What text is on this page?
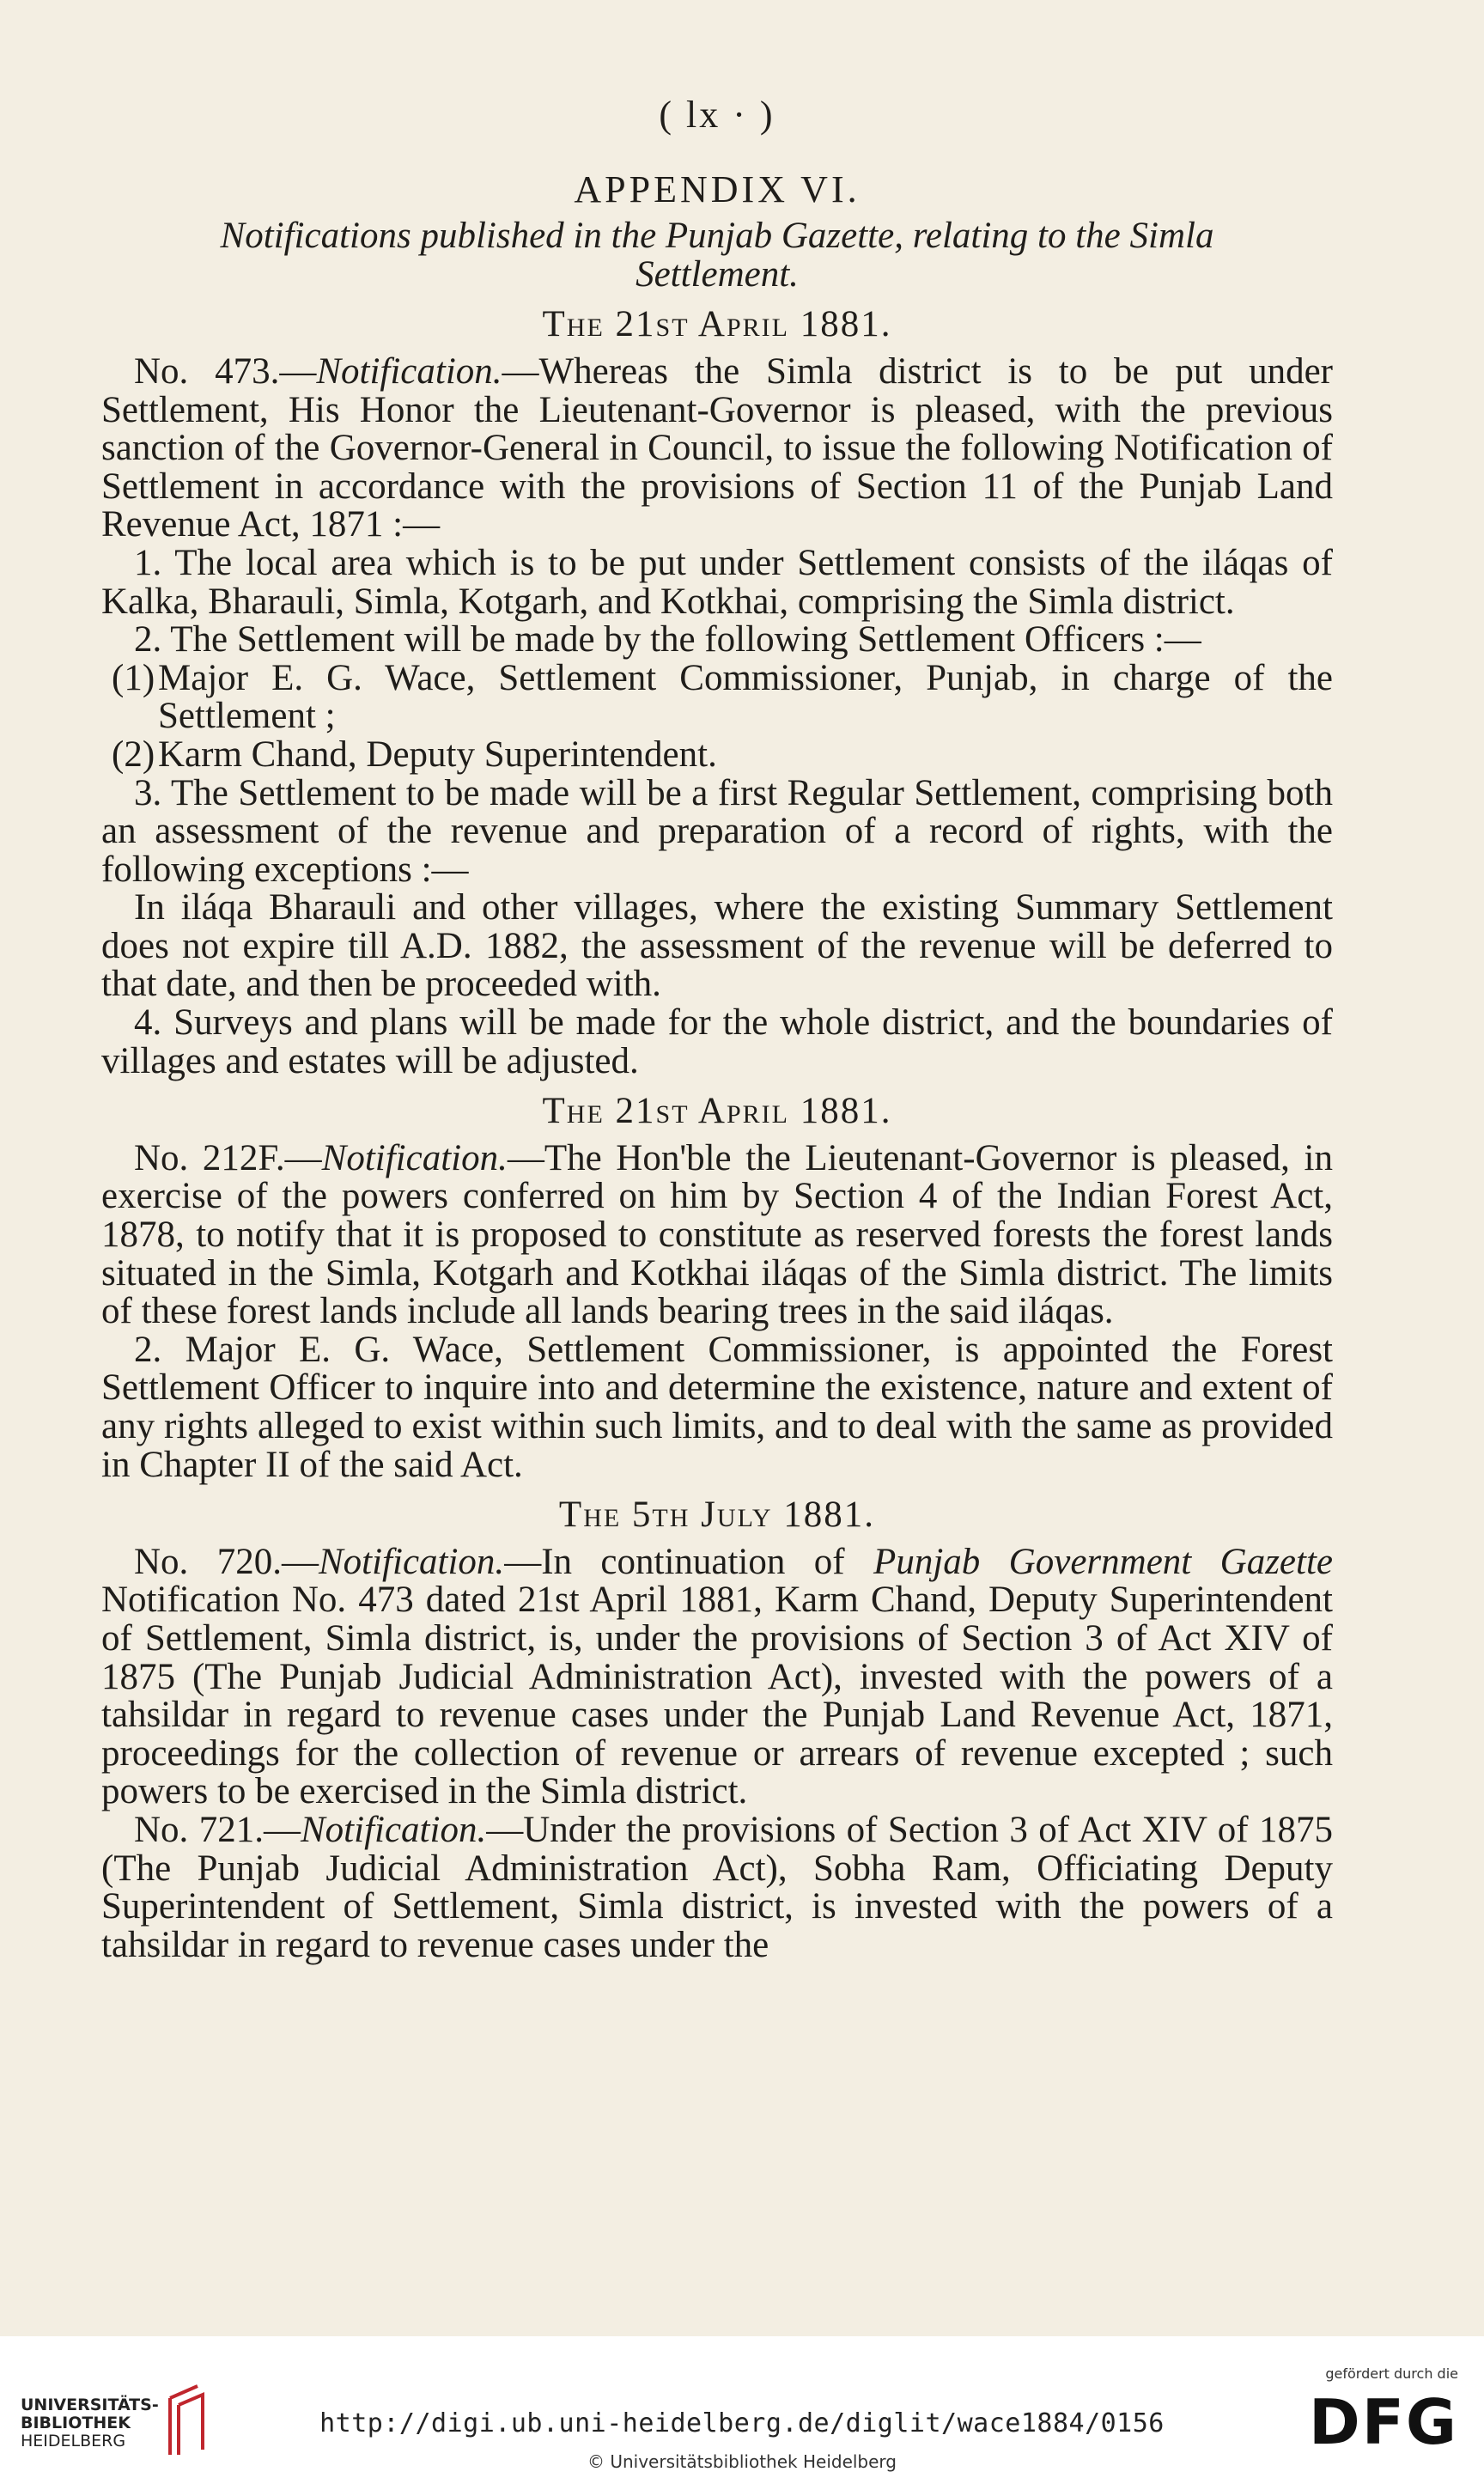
( lx · )
APPENDIX VI.
Notifications published in the Punjab Gazette, relating to the Simla
Settlement.
The 21st April 1881.

No. 473.—Notification.—Whereas the Simla district is to be put under Settlement, His Honor the Lieutenant-Governor is pleased, with the previous sanction of the Governor-General in Council, to issue the following Notification of Settlement in accordance with the provisions of Section 11 of the Punjab Land Revenue Act, 1871 :—

1. The local area which is to be put under Settlement consists of the iláqas of Kalka, Bharauli, Simla, Kotgarh, and Kotkhai, comprising the Simla district.

2. The Settlement will be made by the following Settlement Officers :—

(1)Major E. G. Wace, Settlement Commissioner, Punjab, in charge of the Settlement ;
(2)Karm Chand, Deputy Superintendent.

3. The Settlement to be made will be a first Regular Settlement, comprising both an assessment of the revenue and preparation of a record of rights, with the following exceptions :—

In iláqa Bharauli and other villages, where the existing Summary Settlement does not expire till A.D. 1882, the assessment of the revenue will be deferred to that date, and then be proceeded with.

4. Surveys and plans will be made for the whole district, and the boundaries of villages and estates will be adjusted.

The 21st April 1881.

No. 212F.—Notification.—The Hon'ble the Lieutenant-Governor is pleased, in exercise of the powers conferred on him by Section 4 of the Indian Forest Act, 1878, to notify that it is proposed to constitute as reserved forests the forest lands situated in the Simla, Kotgarh and Kotkhai iláqas of the Simla district. The limits of these forest lands include all lands bearing trees in the said iláqas.

2. Major E. G. Wace, Settlement Commissioner, is appointed the Forest Settlement Officer to inquire into and determine the existence, nature and extent of any rights alleged to exist within such limits, and to deal with the same as provided in Chapter II of the said Act.

The 5th July 1881.

No. 720.—Notification.—In continuation of Punjab Government Gazette Notification No. 473 dated 21st April 1881, Karm Chand, Deputy Superintendent of Settlement, Simla district, is, under the provisions of Section 3 of Act XIV of 1875 (The Punjab Judicial Administration Act), invested with the powers of a tahsildar in regard to revenue cases under the Punjab Land Revenue Act, 1871, proceedings for the collection of revenue or arrears of revenue excepted ; such powers to be exercised in the Simla district.

No. 721.—Notification.—Under the provisions of Section 3 of Act XIV of 1875 (The Punjab Judicial Administration Act), Sobha Ram, Officiating Deputy Superintendent of Settlement, Simla district, is invested with the powers of a tahsildar in regard to revenue cases under the

UNIVERSITÄTS-
BIBLIOTHEK
HEIDELBERG
http://digi.ub.uni-heidelberg.de/diglit/wace1884/0156
© Universitätsbibliothek Heidelberg
gefördert durch die
DFG
